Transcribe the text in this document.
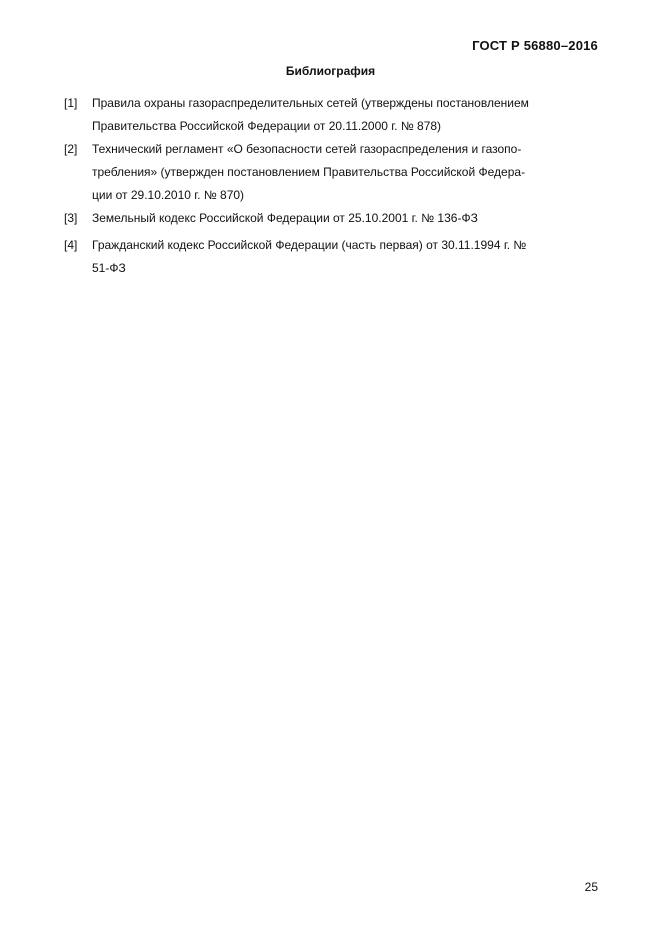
ГОСТ Р 56880–2016

Библиография
[1]	Правила охраны газораспределительных сетей (утверждены постановлением
Правительства Российской Федерации от 20.11.2000 г. № 878)
[2]	Технический регламент «О безопасности сетей газораспределения и газопо-
требления» (утвержден постановлением Правительства Российской Федера-
ции от 29.10.2010 г. № 870)
[3]	Земельный кодекс Российской Федерации от 25.10.2001 г. № 136-ФЗ
[4]	Гражданский кодекс Российской Федерации (часть первая) от 30.11.1994 г. №
51-ФЗ

25
